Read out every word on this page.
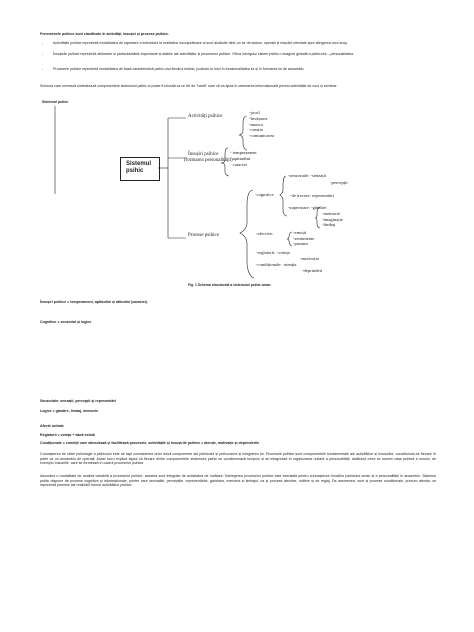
Fenomenele psihice sunt clasificate în activități, însușiri și procese psihice.
-	Activitățile psihice reprezintă modalitatea de raportare a individului la realitatea înconjurătoare și sunt alcătuite dintr-un șir de acțiuni, operații și mișcări orientate spre atingerea unui scop.
-	Însușirile psihice reprezintă atributele și particularitățile importante și stabile ale activităților și proceselor psihice. Ofera întregului sistem psihic o imagine globală a psihicului – personalitatea.
-	Procesele psihice reprezintă modalitatea de bază caracteristică psihic-ului fiecărui individ, jucându-și rolul în funcționalitatea lui și în formarea lui de ansamblu.
Schema care urmează sintetizează componentele sistemului psihic și poate fi folosită ca un fel de "hartă" care vă va ajuta în orientarea informațională privind activitățile de curs și seminar.
Sistemul psihic
Sistemul
psihic
Activități psihice
-jocul
-învățarea
-munca
-creația
-comunicarea
Însușiri psihice
(formarea personalității)
- temperament
- aptitudini
- caracter
Procese psihice
-cognitive
-senzoriale: -senzații
-percepții
-de trecere: reprezentări
-superioare: -gândire
-memorie
-imaginație
-limbaj
-afective:	-emoții
-sentimente
-pasiuni
-reglatorii: -voința
-motivația
-condiționale: -atenția
-deprinderi
Fig. 1 Schema structurală a sistemului psihic uman
Însușiri psihice = temperament, aptitudini și atitudini (caracter)
Cognitive = senzorial și logice
Senzoriale: senzații, percepții și reprezentări
Logice = gândire, limbaj, memorie
Afecte unitate
Reglatorii = voința + dacă există
Condiționale = condiții care stimulează și facilitează procesele, activitățile și însușirile psihice = atenție, motivație și deprinderile
Cunoașterea de către psihologie a psihicului este de fapt cunoașterea celor două componente ale psihicului și prelucrarea și integrarea lor. Procesele psihice sunt componentele fundamentale ale activităților și însușirilor, constituindu-se fiecare în parte ca un ansamblu de operații. Acest lucru explică faptul că fiecare dintre componentele sistemului psihic se condiționează reciproc și se integrează în organizarea unitară a personalității, alcătuind ceea ce numim viața psihică a omului, de exemplu însușirile, care se formează în cadrul proceselor psihice.
Asumând o modalitate de analiză variabilă a proceselor psihice, acestea sunt integrate de activitatea de învățare. Înțelegerea proceselor psihice este esențială pentru cunoașterea funcțiilor psihicului uman și a personalității în ansamblu. Sistemul psihic dispune de procese cognitive și informaționale, printre care senzațiile, percepțiile, reprezentările, gândirea, memoria și limbajul, ca și procese afective, volitive și de reglaj. De asemenea, sunt și procese condiționale, precum atenția, ce reprezintă premise ale realizării tuturor activităților psihice.
